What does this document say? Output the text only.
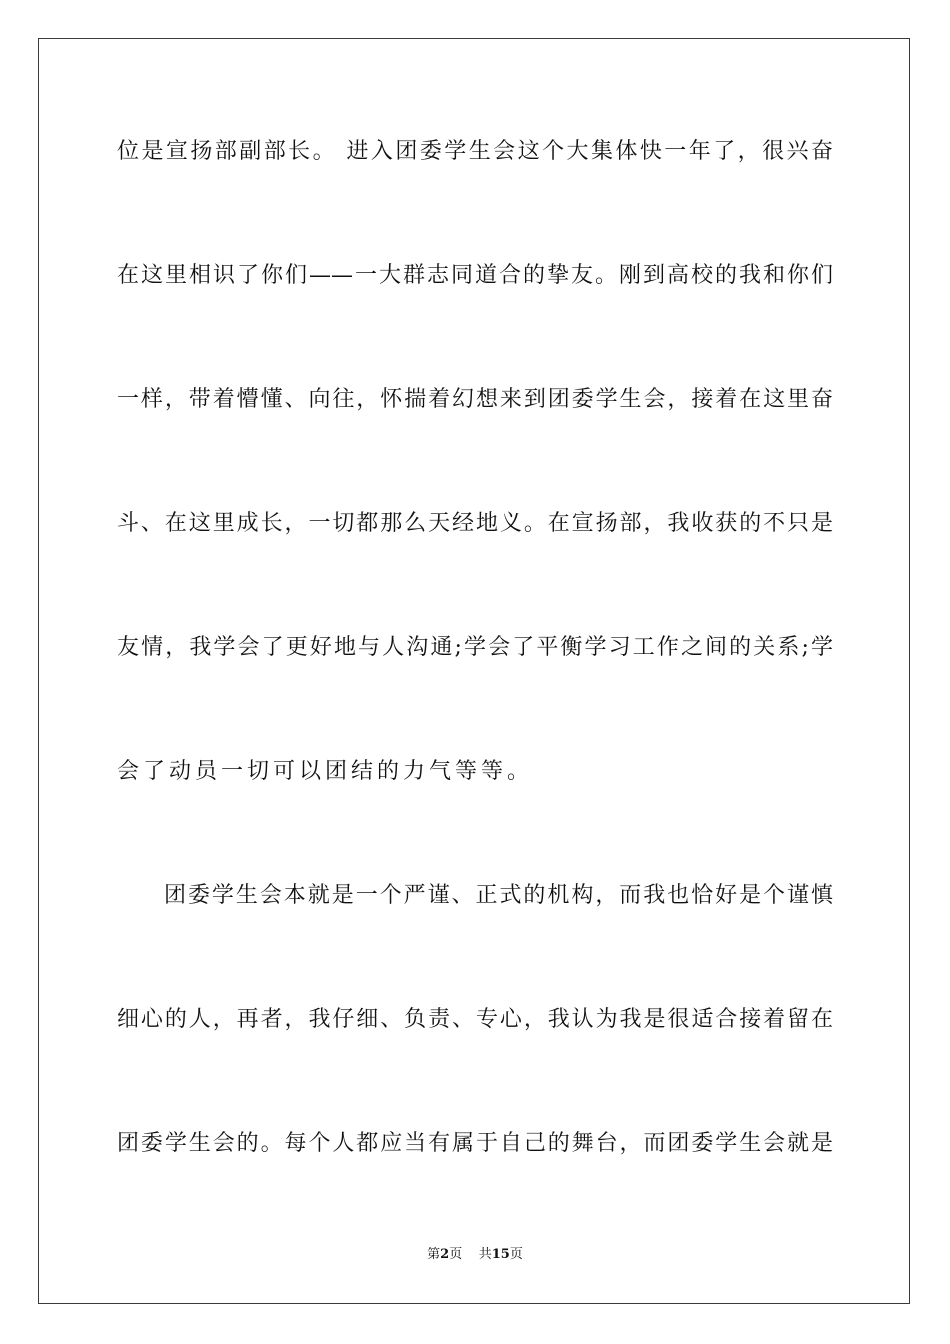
位是宣扬部副部长。 进入团委学生会这个大集体快一年了，很兴奋
在这里相识了你们——一大群志同道合的挚友。刚到高校的我和你们
一样，带着懵懂、向往，怀揣着幻想来到团委学生会，接着在这里奋
斗、在这里成长，一切都那么天经地义。在宣扬部，我收获的不只是
友情，我学会了更好地与人沟通;学会了平衡学习工作之间的关系;学
会了动员一切可以团结的力气等等。
团委学生会本就是一个严谨、正式的机构，而我也恰好是个谨慎
细心的人，再者，我仔细、负责、专心，我认为我是很适合接着留在
团委学生会的。每个人都应当有属于自己的舞台，而团委学生会就是
第2页 共15页
